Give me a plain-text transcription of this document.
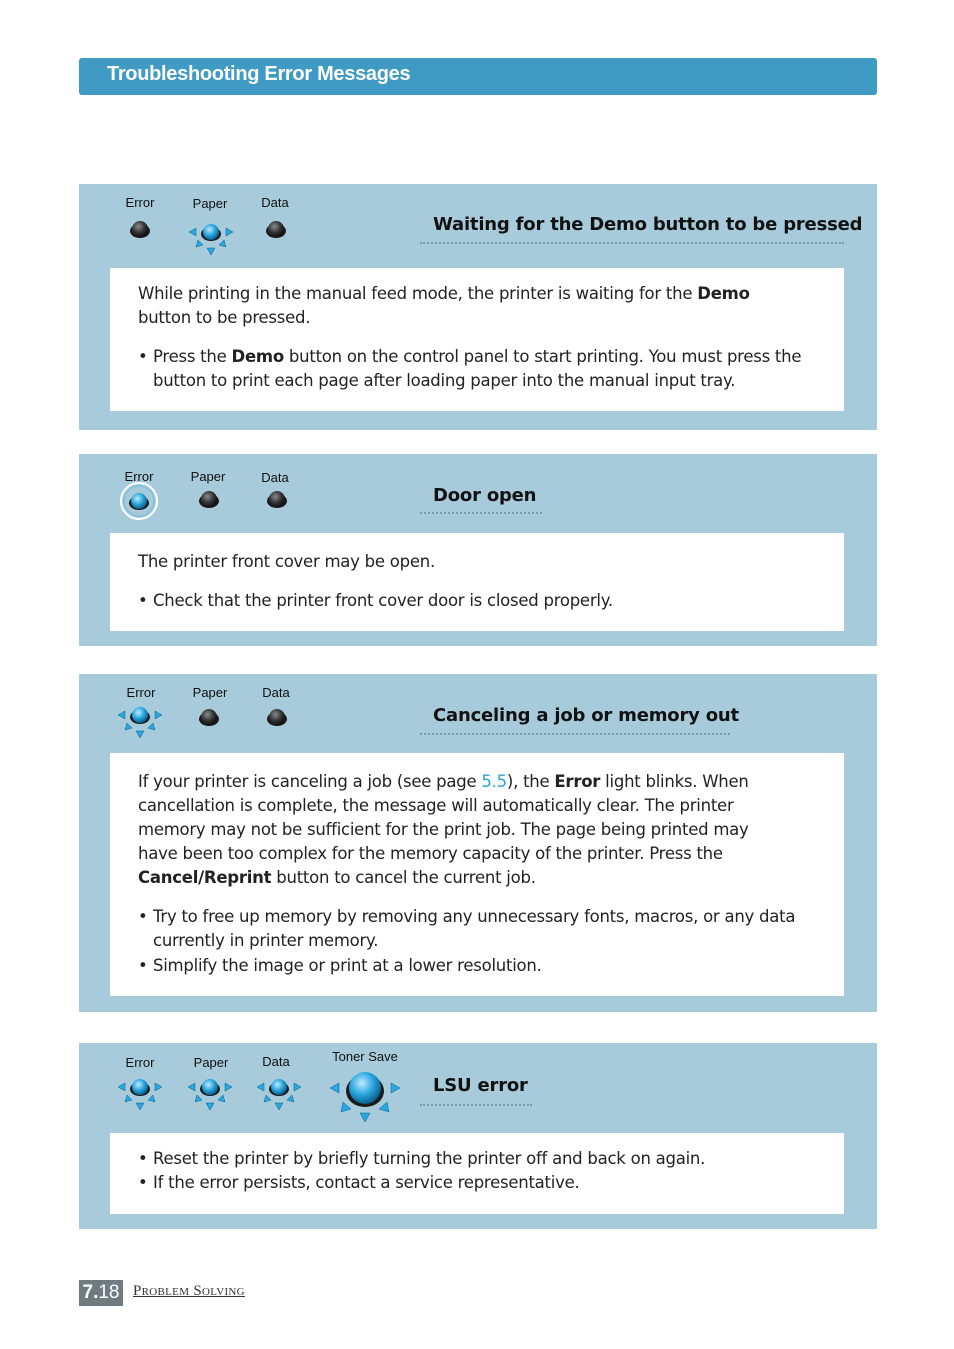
Troubleshooting Error Messages
Error	Paper	Data
Waiting for the Demo button to be pressed
While printing in the manual feed mode, the printer is waiting for the Demo
button to be pressed.
• Press the Demo button on the control panel to start printing. You must press the
button to print each page after loading paper into the manual input tray.
Error	Paper	Data
Door open
The printer front cover may be open.
• Check that the printer front cover door is closed properly.
Error	Paper	Data
Canceling a job or memory out
If your printer is canceling a job (see page 5.5), the Error light blinks. When
cancellation is complete, the message will automatically clear. The printer
memory may not be sufficient for the print job. The page being printed may
have been too complex for the memory capacity of the printer. Press the
Cancel/Reprint button to cancel the current job.
• Try to free up memory by removing any unnecessary fonts, macros, or any data
currently in printer memory.
• Simplify the image or print at a lower resolution.
Error	Paper	Data	Toner Save
LSU error
• Reset the printer by briefly turning the printer off and back on again.
• If the error persists, contact a service representative.
7.18 Problem Solving
